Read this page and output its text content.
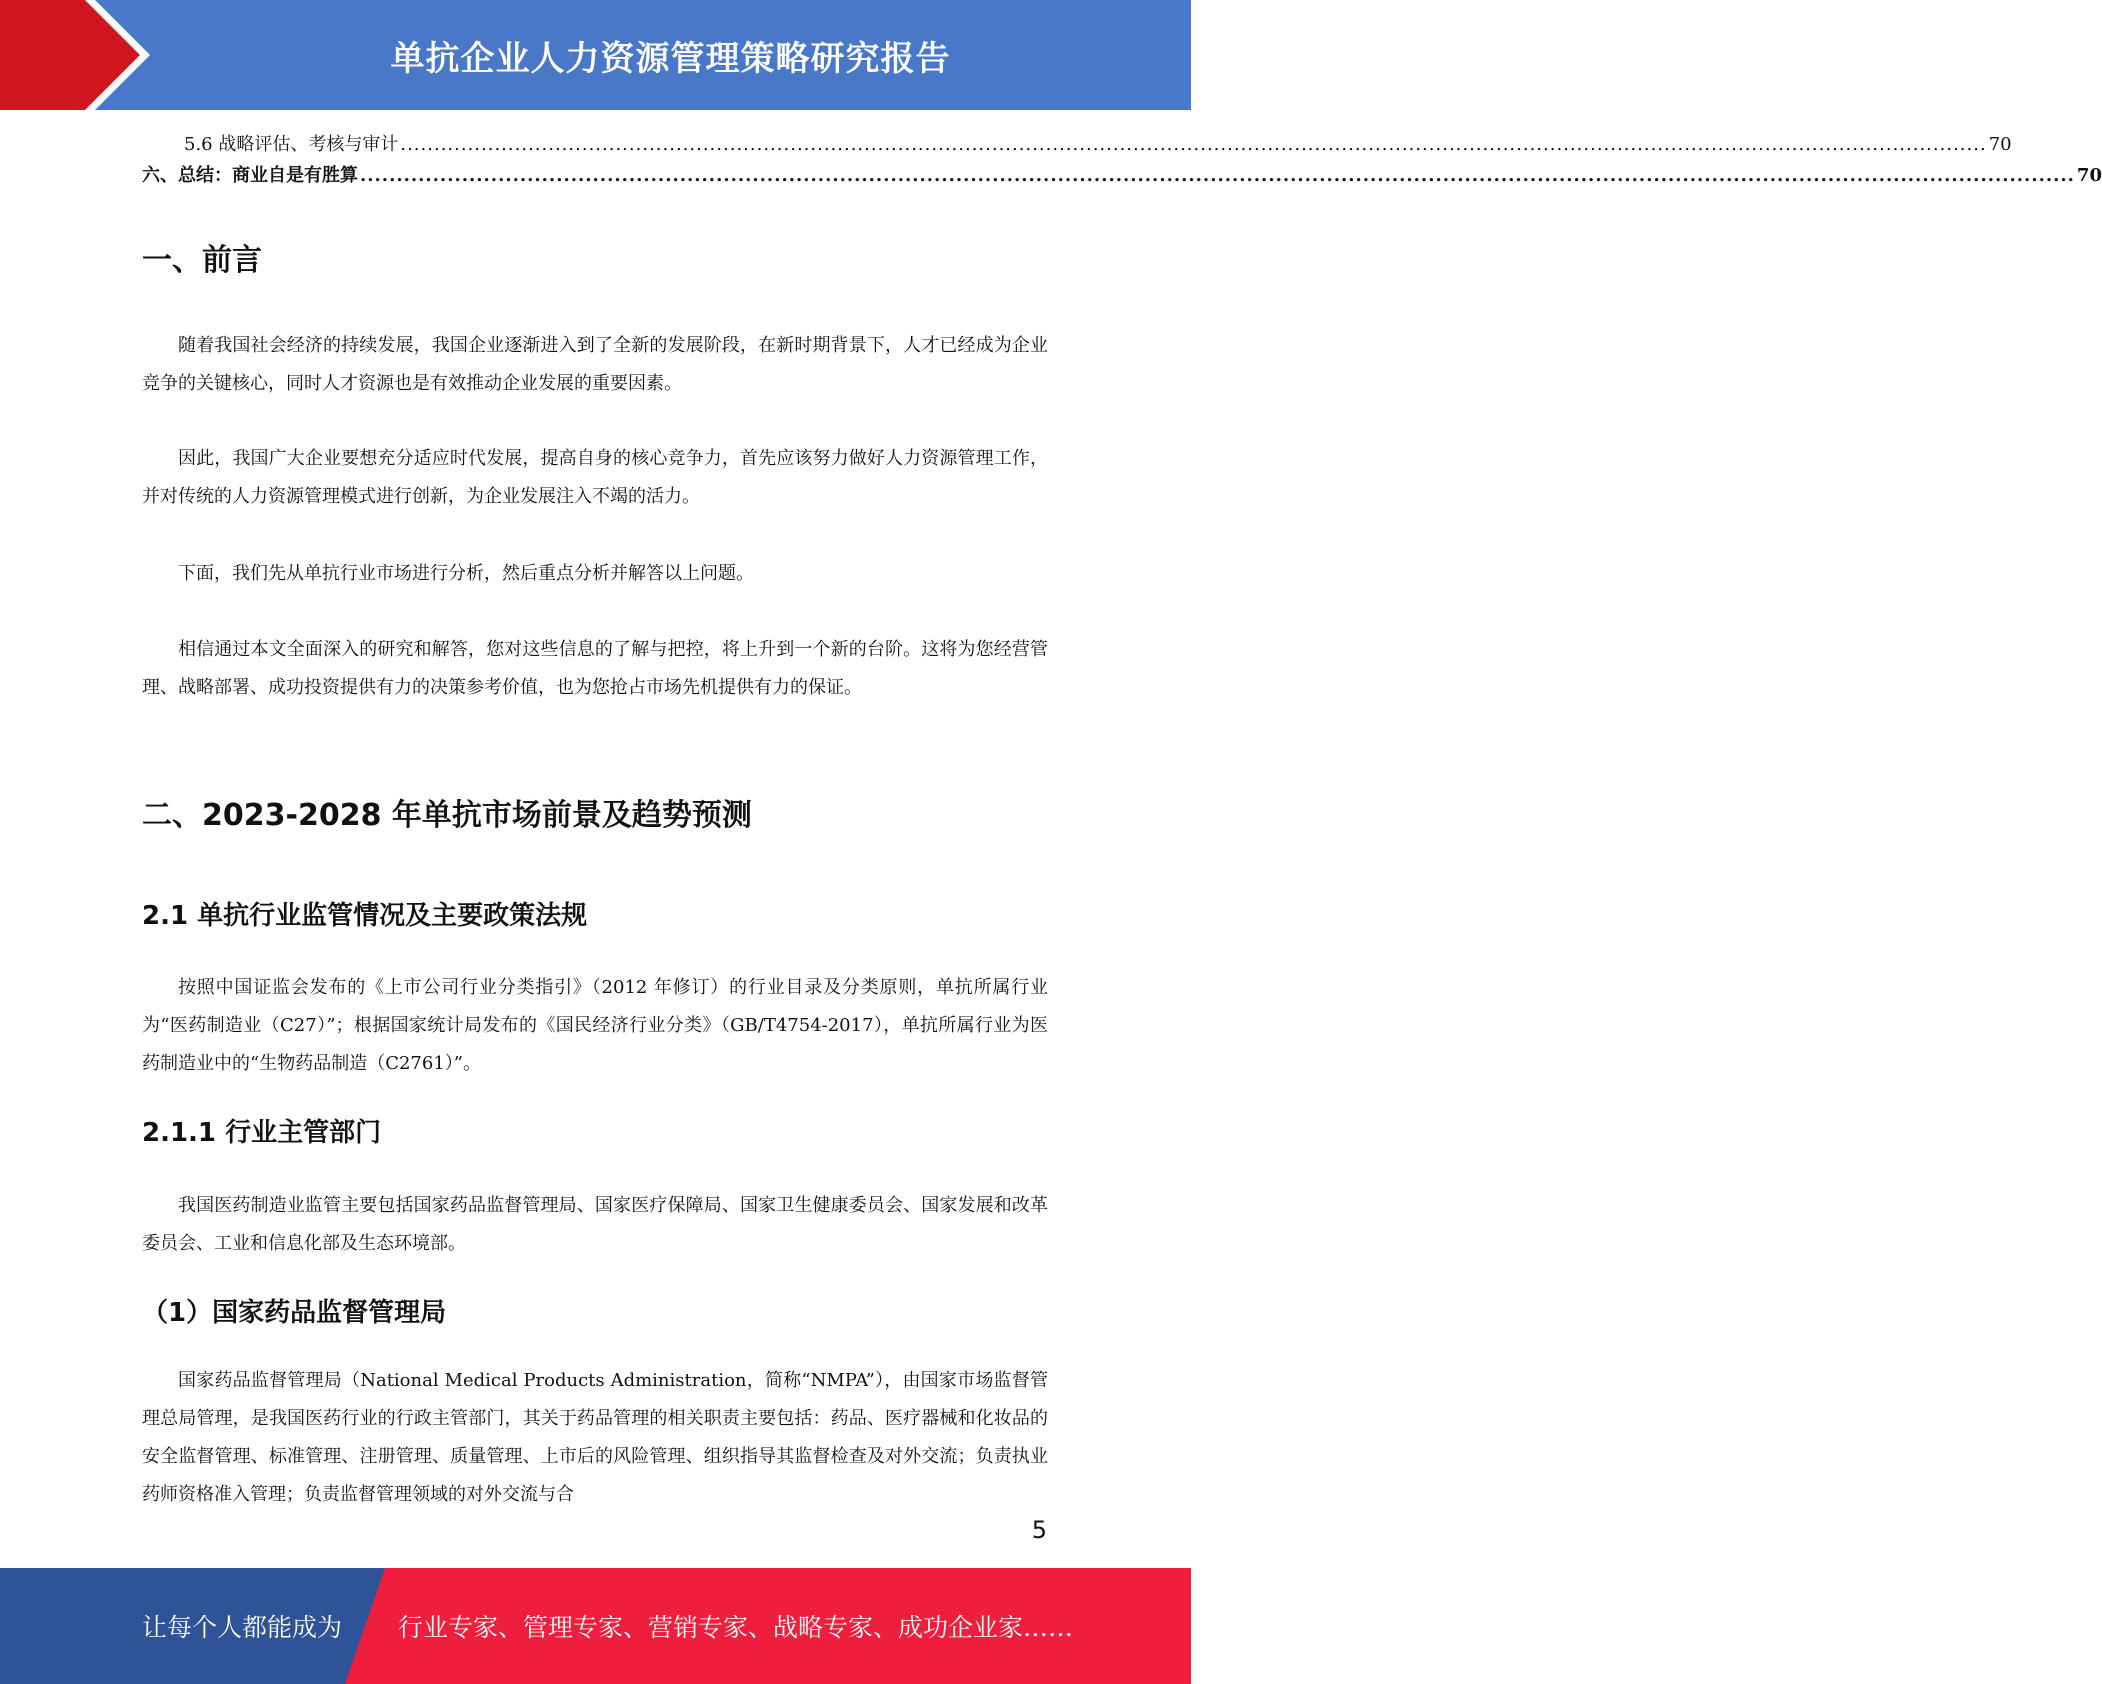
单抗企业人力资源管理策略研究报告
5.6 战略评估、考核与审计 ............................................................................................................................................................................................................................................ 70
六、总结：商业自是有胜算 ............................................................................................................................................................................................................................................ 70
一、前言

随着我国社会经济的持续发展，我国企业逐渐进入到了全新的发展阶段，在新时期背景下，人才已经成为企业竞争的关键核心，同时人才资源也是有效推动企业发展的重要因素。

因此，我国广大企业要想充分适应时代发展，提高自身的核心竞争力，首先应该努力做好人力资源管理工作，并对传统的人力资源管理模式进行创新，为企业发展注入不竭的活力。

下面，我们先从单抗行业市场进行分析，然后重点分析并解答以上问题。

相信通过本文全面深入的研究和解答，您对这些信息的了解与把控，将上升到一个新的台阶。这将为您经营管理、战略部署、成功投资提供有力的决策参考价值，也为您抢占市场先机提供有力的保证。

二、2023-2028 年单抗市场前景及趋势预测
2.1 单抗行业监管情况及主要政策法规

按照中国证监会发布的《上市公司行业分类指引》（2012 年修订）的行业目录及分类原则，单抗所属行业为“医药制造业（C27）”；根据国家统计局发布的《国民经济行业分类》（GB/T4754-2017），单抗所属行业为医药制造业中的“生物药品制造（C2761）”。

2.1.1 行业主管部门

我国医药制造业监管主要包括国家药品监督管理局、国家医疗保障局、国家卫生健康委员会、国家发展和改革委员会、工业和信息化部及生态环境部。

（1）国家药品监督管理局

国家药品监督管理局（National Medical Products Administration，简称“NMPA”），由国家市场监督管理总局管理，是我国医药行业的行政主管部门，其关于药品管理的相关职责主要包括：药品、医疗器械和化妆品的安全监督管理、标准管理、注册管理、质量管理、上市后的风险管理、组织指导其监督检查及对外交流；负责执业药师资格准入管理；负责监督管理领域的对外交流与合

5
让每个人都能成为 行业专家、管理专家、营销专家、战略专家、成功企业家……
